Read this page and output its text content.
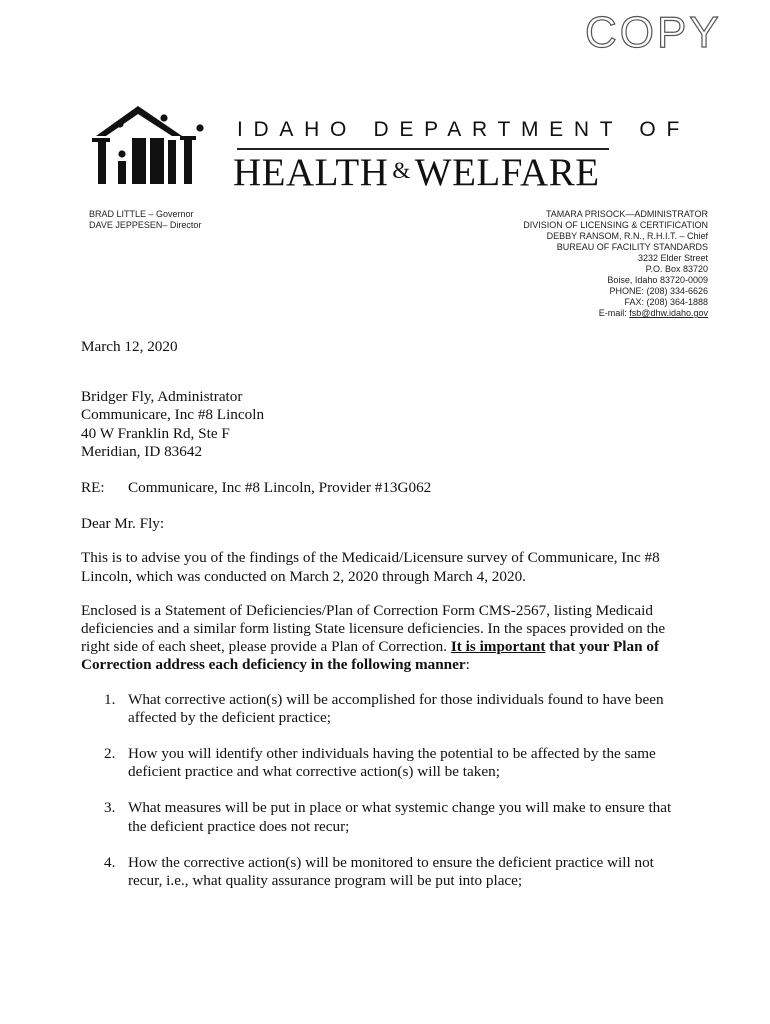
COPY
IDAHO DEPARTMENT OF
HEALTH & WELFARE
BRAD LITTLE – Governor
DAVE JEPPESEN– Director
TAMARA PRISOCK—ADMINISTRATOR
DIVISION OF LICENSING & CERTIFICATION
DEBBY RANSOM, R.N., R.H.I.T. – Chief
BUREAU OF FACILITY STANDARDS
3232 Elder Street
P.O. Box 83720
Boise, Idaho 83720-0009
PHONE: (208) 334-6626
FAX: (208) 364-1888
E-mail: fsb@dhw.idaho.gov

March 12, 2020

Bridger Fly, Administrator

Communicare, Inc #8 Lincoln

40 W Franklin Rd, Ste F

Meridian, ID 83642

RE: Communicare, Inc #8 Lincoln, Provider #13G062

Dear Mr. Fly:

This is to advise you of the findings of the Medicaid/Licensure survey of Communicare, Inc #8 Lincoln, which was conducted on March 2, 2020 through March 4, 2020.

Enclosed is a Statement of Deficiencies/Plan of Correction Form CMS-2567, listing Medicaid deficiencies and a similar form listing State licensure deficiencies. In the spaces provided on the right side of each sheet, please provide a Plan of Correction. It is important that your Plan of Correction address each deficiency in the following manner:

1. What corrective action(s) will be accomplished for those individuals found to have been affected by the deficient practice;
2. How you will identify other individuals having the potential to be affected by the same deficient practice and what corrective action(s) will be taken;
3. What measures will be put in place or what systemic change you will make to ensure that the deficient practice does not recur;
4. How the corrective action(s) will be monitored to ensure the deficient practice will not recur, i.e., what quality assurance program will be put into place;
